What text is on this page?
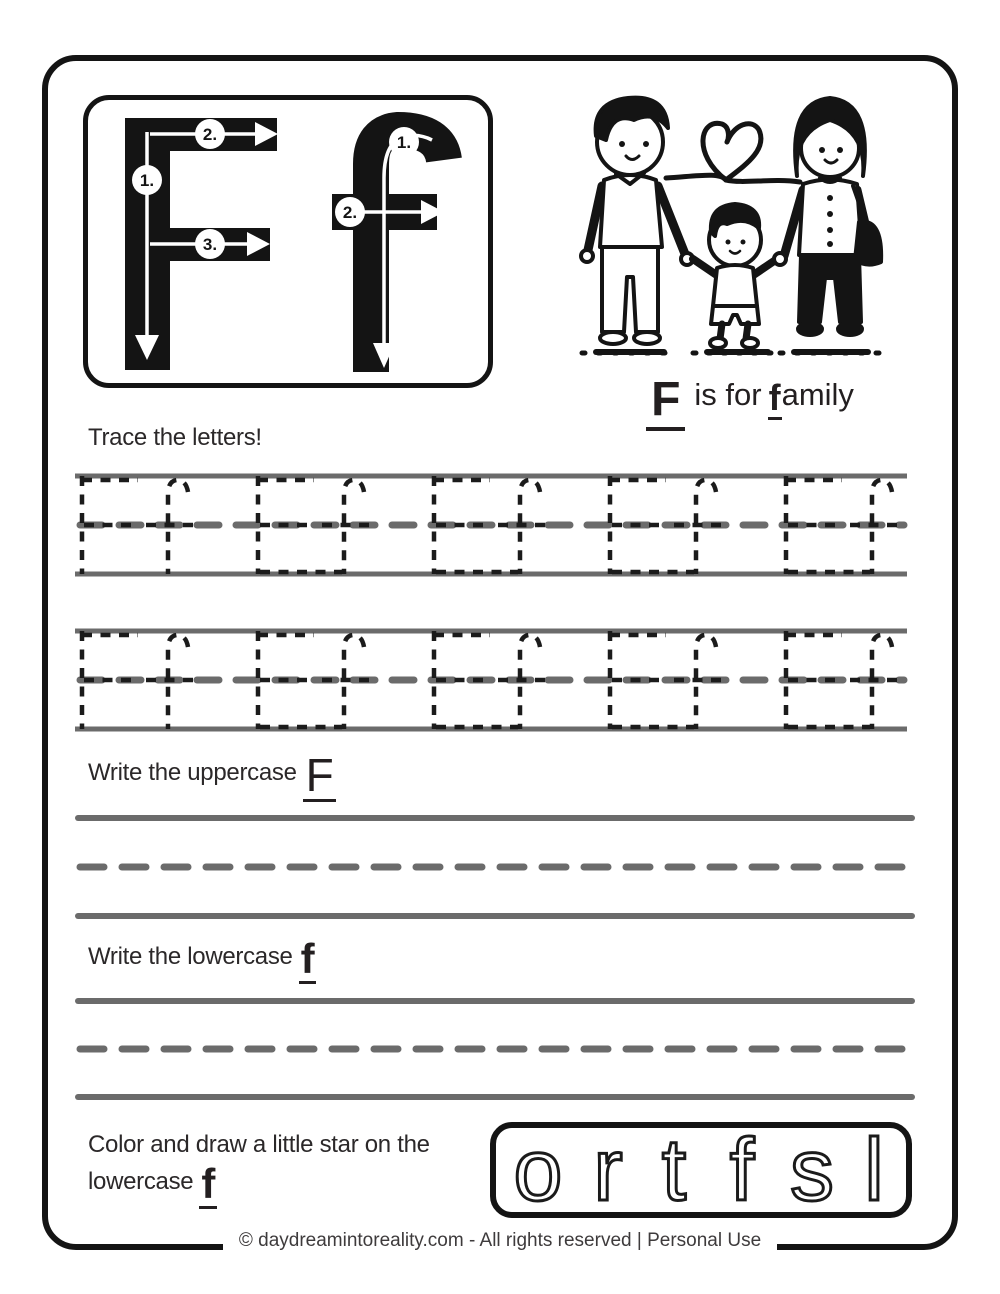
1.
2.
3.
1.
2.
F is for family
Trace the letters!
Write the uppercase F
Write the lowercase f
Color and draw a little star on the
lowercase f	o r t f s l
© daydreamintoreality.com - All rights reserved | Personal Use
